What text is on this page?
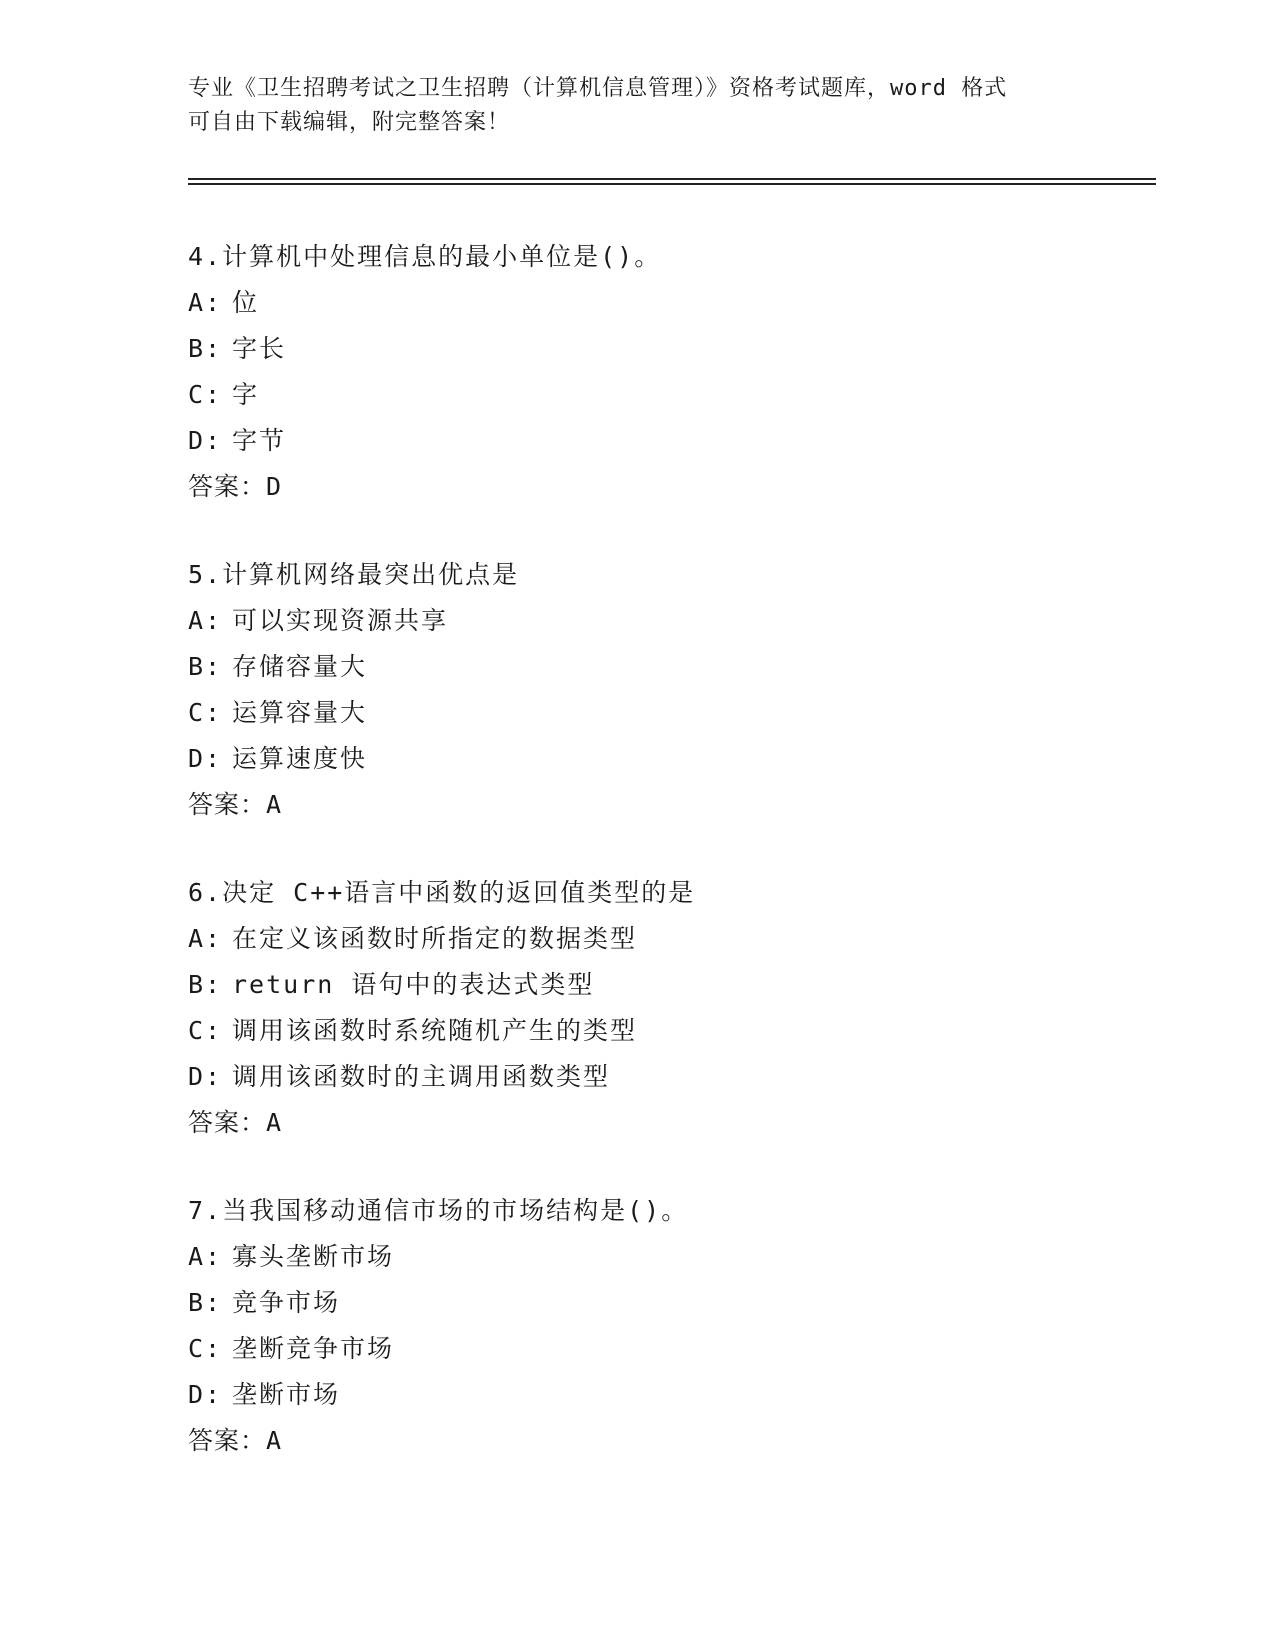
专业《卫生招聘考试之卫生招聘（计算机信息管理）》资格考试题库，word 格式
可自由下载编辑，附完整答案！
4.计算机中处理信息的最小单位是()。
A: 位
B: 字长
C: 字
D: 字节
答案：D
5.计算机网络最突出优点是
A: 可以实现资源共享
B: 存储容量大
C: 运算容量大
D: 运算速度快
答案：A
6.决定 C++语言中函数的返回值类型的是
A: 在定义该函数时所指定的数据类型
B: return 语句中的表达式类型
C: 调用该函数时系统随机产生的类型
D: 调用该函数时的主调用函数类型
答案：A
7.当我国移动通信市场的市场结构是()。
A: 寡头垄断市场
B: 竞争市场
C: 垄断竞争市场
D: 垄断市场
答案：A
